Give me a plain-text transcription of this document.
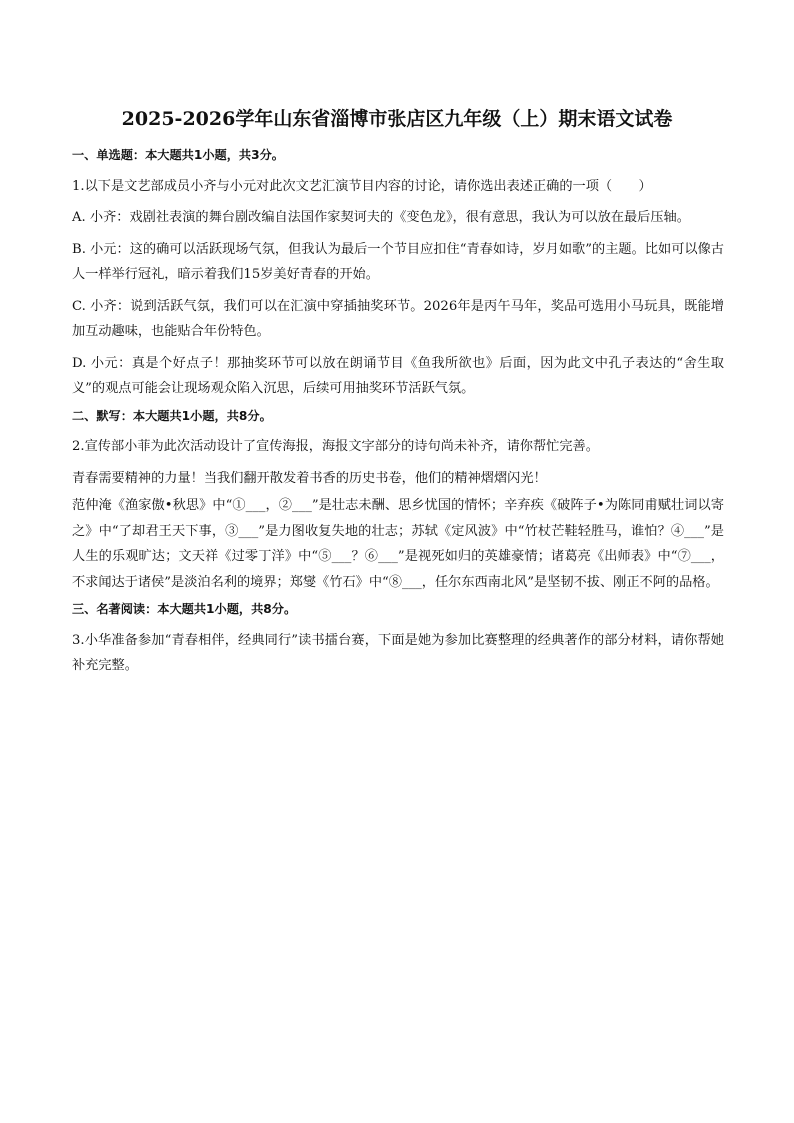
2025-2026学年山东省淄博市张店区九年级（上）期末语文试卷
一、单选题：本大题共1小题，共3分。

1.以下是文艺部成员小齐与小元对此次文艺汇演节目内容的讨论，请你选出表述正确的一项（　　）

A. 小齐：戏剧社表演的舞台剧改编自法国作家契诃夫的《变色龙》，很有意思，我认为可以放在最后压轴。

B. 小元：这的确可以活跃现场气氛，但我认为最后一个节目应扣住“青春如诗，岁月如歌”的主题。比如可以像古人一样举行冠礼，暗示着我们15岁美好青春的开始。

C. 小齐：说到活跃气氛，我们可以在汇演中穿插抽奖环节。2026年是丙午马年，奖品可选用小马玩具，既能增加互动趣味，也能贴合年份特色。

D. 小元：真是个好点子！那抽奖环节可以放在朗诵节目《鱼我所欲也》后面，因为此文中孔子表达的“舍生取义”的观点可能会让现场观众陷入沉思，后续可用抽奖环节活跃气氛。

二、默写：本大题共1小题，共8分。

2.宣传部小菲为此次活动设计了宣传海报，海报文字部分的诗句尚未补齐，请你帮忙完善。

青春需要精神的力量！当我们翻开散发着书香的历史书卷，他们的精神熠熠闪光！

范仲淹《渔家傲•秋思》中“①___，②___”是壮志未酬、思乡忧国的情怀；辛弃疾《破阵子•为陈同甫赋壮词以寄之》中“了却君王天下事，③___”是力图收复失地的壮志；苏轼《定风波》中“竹杖芒鞋轻胜马，谁怕？④___”是人生的乐观旷达；文天祥《过零丁洋》中“⑤___？⑥___”是视死如归的英雄豪情；诸葛亮《出师表》中“⑦___，不求闻达于诸侯”是淡泊名利的境界；郑燮《竹石》中“⑧___，任尔东西南北风”是坚韧不拔、刚正不阿的品格。

三、名著阅读：本大题共1小题，共8分。

3.小华准备参加“青春相伴，经典同行”读书擂台赛，下面是她为参加比赛整理的经典著作的部分材料，请你帮她补充完整。
